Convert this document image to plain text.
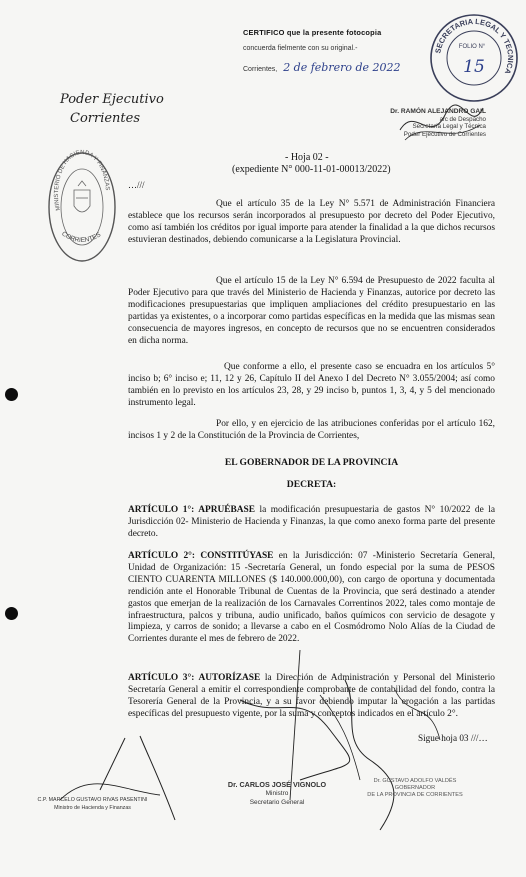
CERTIFICO que la presente fotocopia
concuerda fielmente con su original.-
Corrientes, 2 de febrero de 2022
SECRETARIA LEGAL Y TECNICA
FOLIO N°
15
Poder Ejecutivo
Corrientes	Dr. RAMÓN ALEJANDRO GAIL
a/c de Despacho
Secretaría Legal y Técnica
Poder Ejecutivo de Corrientes
MINISTERIO DE HACIENDA Y FINANZAS
CORRIENTES
- Hoja 02 -
(expediente N° 000-11-01-00013/2022)
…///
Que el artículo 35 de la Ley N° 5.571 de Administración Financiera establece que los recursos serán incorporados al presupuesto por decreto del Poder Ejecutivo, como así también los créditos por igual importe para atender la finalidad a la que dichos recursos estuvieran destinados, debiendo comunicarse a la Legislatura Provincial.
Que el artículo 15 de la Ley N° 6.594 de Presupuesto de 2022 faculta al Poder Ejecutivo para que través del Ministerio de Hacienda y Finanzas, autorice por decreto las modificaciones presupuestarias que impliquen ampliaciones del crédito presupuestario en las partidas ya existentes, o a incorporar como partidas específicas en la medida que las mismas sean consecuencia de mayores ingresos, en concepto de recursos que no se encuentren considerados en dicha norma.
Que conforme a ello, el presente caso se encuadra en los artículos 5° inciso b; 6° inciso e; 11, 12 y 26, Capítulo II del Anexo I del Decreto N° 3.055/2004; así como también en lo previsto en los artículos 23, 28, y 29 inciso b, puntos 1, 3, 4, y 5 del mencionado instrumento legal.
Por ello, y en ejercicio de las atribuciones conferidas por el artículo 162, incisos 1 y 2 de la Constitución de la Provincia de Corrientes,
EL GOBERNADOR DE LA PROVINCIA
DECRETA:
ARTÍCULO 1°: APRUÉBASE la modificación presupuestaria de gastos N° 10/2022 de la Jurisdicción 02- Ministerio de Hacienda y Finanzas, la que como anexo forma parte del presente decreto.
ARTÍCULO 2°: CONSTITÚYASE en la Jurisdicción: 07 -Ministerio Secretaría General, Unidad de Organización: 15 -Secretaría General, un fondo especial por la suma de PESOS CIENTO CUARENTA MILLONES ($ 140.000.000,00), con cargo de oportuna y documentada rendición ante el Honorable Tribunal de Cuentas de la Provincia, que será destinado a atender gastos que emerjan de la realización de los Carnavales Correntinos 2022, tales como montaje de infraestructura, palcos y tribuna, audio unificado, baños químicos con servicio de desagote y limpieza, y carros de sonido; a llevarse a cabo en el Cosmódromo Nolo Alías de la Ciudad de Corrientes durante el mes de febrero de 2022.
ARTÍCULO 3°: AUTORÍZASE la Dirección de Administración y Personal del Ministerio Secretaría General a emitir el correspondiente comprobante de contabilidad del fondo, contra la Tesorería General de la Provincia, y a su favor debiendo imputar la erogación a las partidas específicas del presupuesto vigente, por la suma y conceptos indicados en el artículo 2°.
Sigue hoja 03 ///…
C.P. MARCELO GUSTAVO RIVAS PASENTINI
Ministro de Hacienda y Finanzas
Dr. CARLOS JOSÉ VIGNOLO
Ministro
Secretario General
Dr. GUSTAVO ADOLFO VALDÉS
GOBERNADOR
DE LA PROVINCIA DE CORRIENTES
